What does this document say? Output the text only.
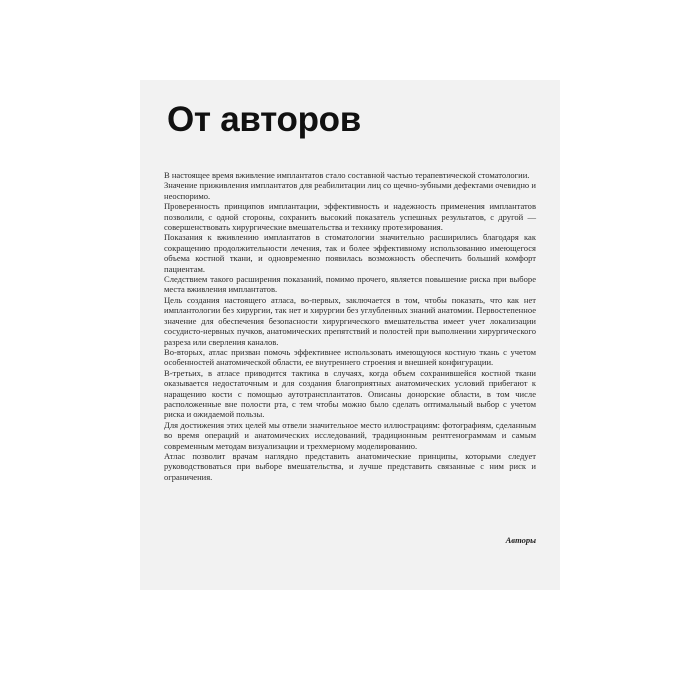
От авторов

В настоящее время вживление имплантатов стало составной частью терапевтической стоматологии.

Значение приживления имплантатов для реабилитации лиц со щечно-зубными дефектами очевидно и неоспоримо.

Проверенность принципов имплантации, эффективность и надежность применения имплантатов позволили, с одной стороны, сохранить высокий показатель успешных результатов, с другой — совершенствовать хирургические вмешательства и технику протезирования.

Показания к вживлению имплантатов в стоматологии значительно расширились благодаря как сокращению продолжительности лечения, так и более эффективному использованию имеющегося объема костной ткани, и одновременно появилась возможность обеспечить больший комфорт пациентам.

Следствием такого расширения показаний, помимо прочего, является повышение риска при выборе места вживления имплантатов.

Цель создания настоящего атласа, во-первых, заключается в том, чтобы показать, что как нет имплантологии без хирургии, так нет и хирургии без углубленных знаний анатомии. Первостепенное значение для обеспечения безопасности хирургического вмешательства имеет учет локализации сосудисто-нервных пучков, анатомических препятствий и полостей при выполнении хирургического разреза или сверления каналов.

Во-вторых, атлас призван помочь эффективнее использовать имеющуюся костную ткань с учетом особенностей анатомической области, ее внутреннего строения и внешней конфигурации.

В-третьих, в атласе приводится тактика в случаях, когда объем сохранившейся костной ткани оказывается недостаточным и для создания благоприятных анатомических условий прибегают к наращению кости с помощью аутотрансплантатов. Описаны донорские области, в том числе расположенные вне полости рта, с тем чтобы можно было сделать оптимальный выбор с учетом риска и ожидаемой пользы.

Для достижения этих целей мы отвели значительное место иллюстрациям: фотографиям, сделанным во время операций и анатомических исследований, традиционным рентгенограммам и самым современным методам визуализации и трехмерному моделированию.

Атлас позволит врачам наглядно представить анатомические принципы, которыми следует руководствоваться при выборе вмешательства, и лучше представить связанные с ним риск и ограничения.

Авторы
